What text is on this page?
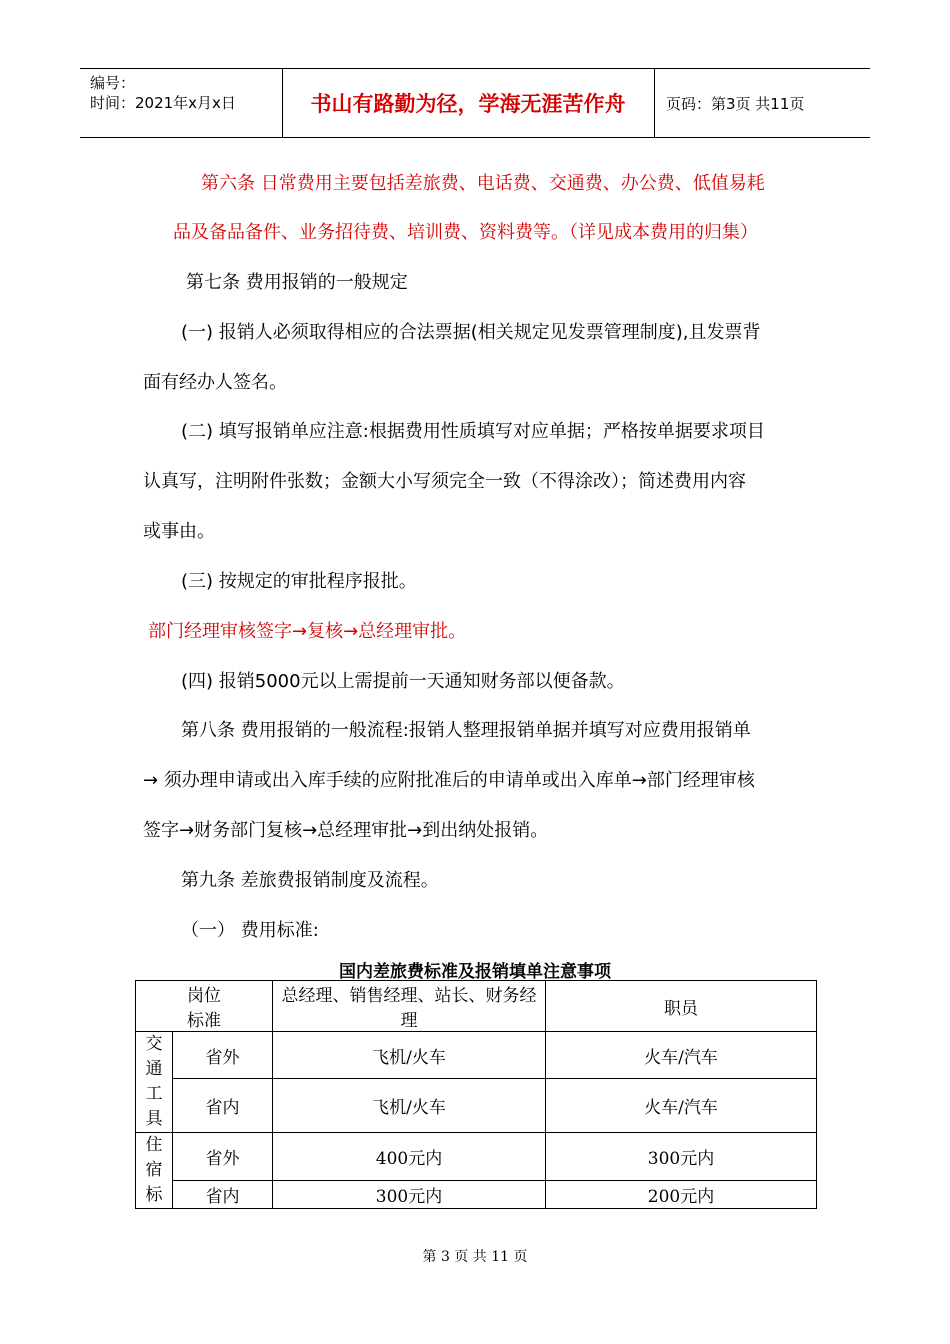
编号：
时间：2021年x月x日	书山有路勤为径，学海无涯苦作舟	页码：第3页 共11页
第六条 日常费用主要包括差旅费、电话费、交通费、办公费、低值易耗
品及备品备件、业务招待费、培训费、资料费等。（详见成本费用的归集）
第七条 费用报销的一般规定
(一) 报销人必须取得相应的合法票据(相关规定见发票管理制度),且发票背
面有经办人签名。
(二) 填写报销单应注意:根据费用性质填写对应单据；严格按单据要求项目
认真写，注明附件张数；金额大小写须完全一致（不得涂改）；简述费用内容
或事由。
(三) 按规定的审批程序报批。
部门经理审核签字→复核→总经理审批。
(四) 报销5000元以上需提前一天通知财务部以便备款。
第八条 费用报销的一般流程:报销人整理报销单据并填写对应费用报销单
→ 须办理申请或出入库手续的应附批准后的申请单或出入库单→部门经理审核
签字→财务部门复核→总经理审批→到出纳处报销。
第九条 差旅费报销制度及流程。
（一） 费用标准:
国内差旅费标准及报销填单注意事项
岗位
标准		总经理、销售经理、站长、财务经理	职员

交通工具	省外	飞机/火车	火车/汽车
	省内	飞机/火车	火车/汽车

住宿标	省外	400元内	300元内
	省内	300元内	200元内
第 3 页 共 11 页
